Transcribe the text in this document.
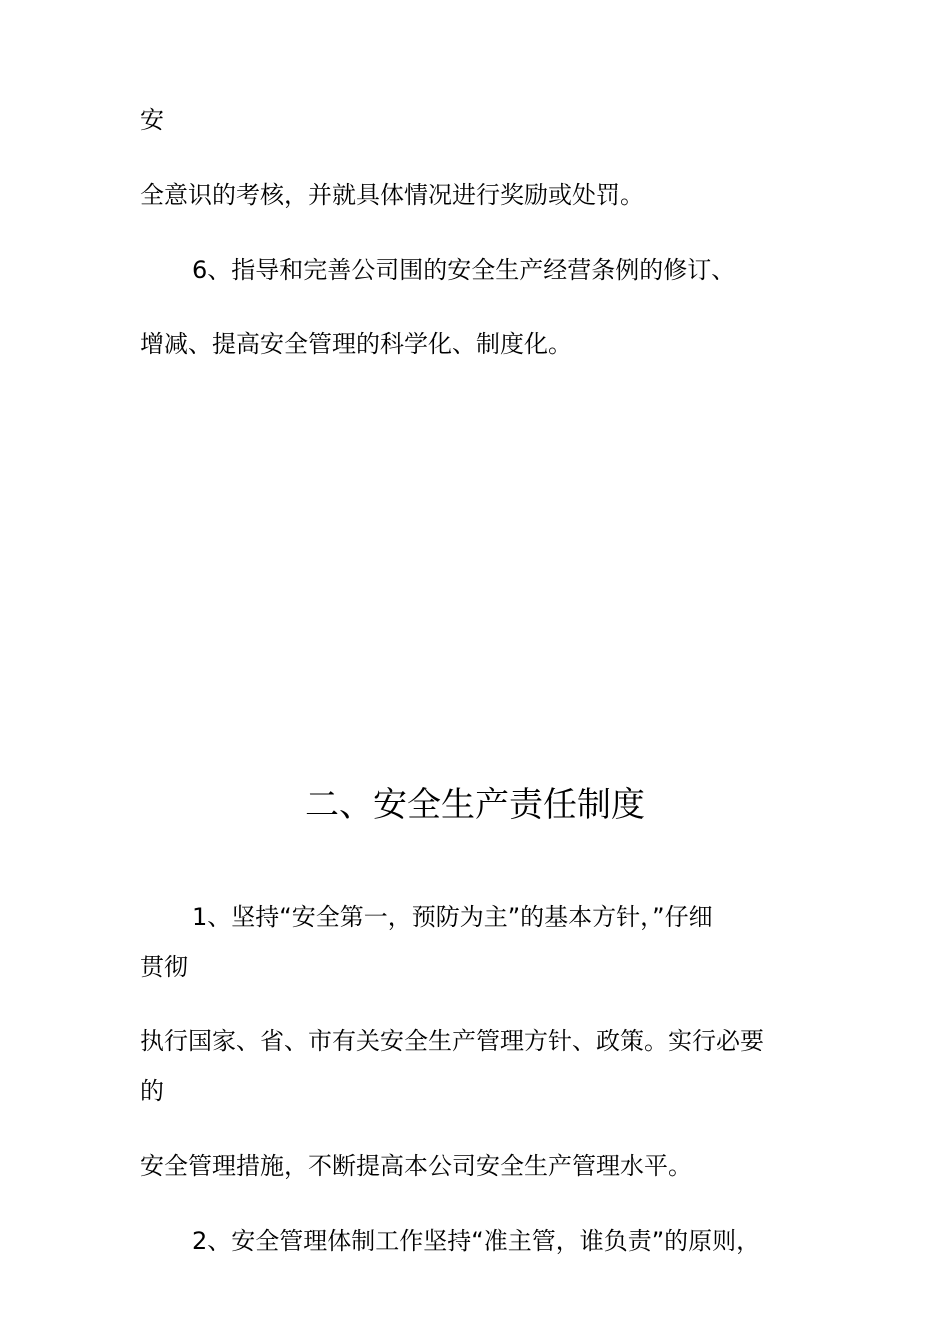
安

全意识的考核，并就具体情况进行奖励或处罚。

6、指导和完善公司围的安全生产经营条例的修订、

增减、提高安全管理的科学化、制度化。

二、安全生产责任制度

1、坚持“安全第一，预防为主”的基本方针，”仔细

贯彻

执行国家、省、市有关安全生产管理方针、政策。实行必要

的

安全管理措施，不断提高本公司安全生产管理水平。

2、安全管理体制工作坚持“准主管，谁负责”的原则，
